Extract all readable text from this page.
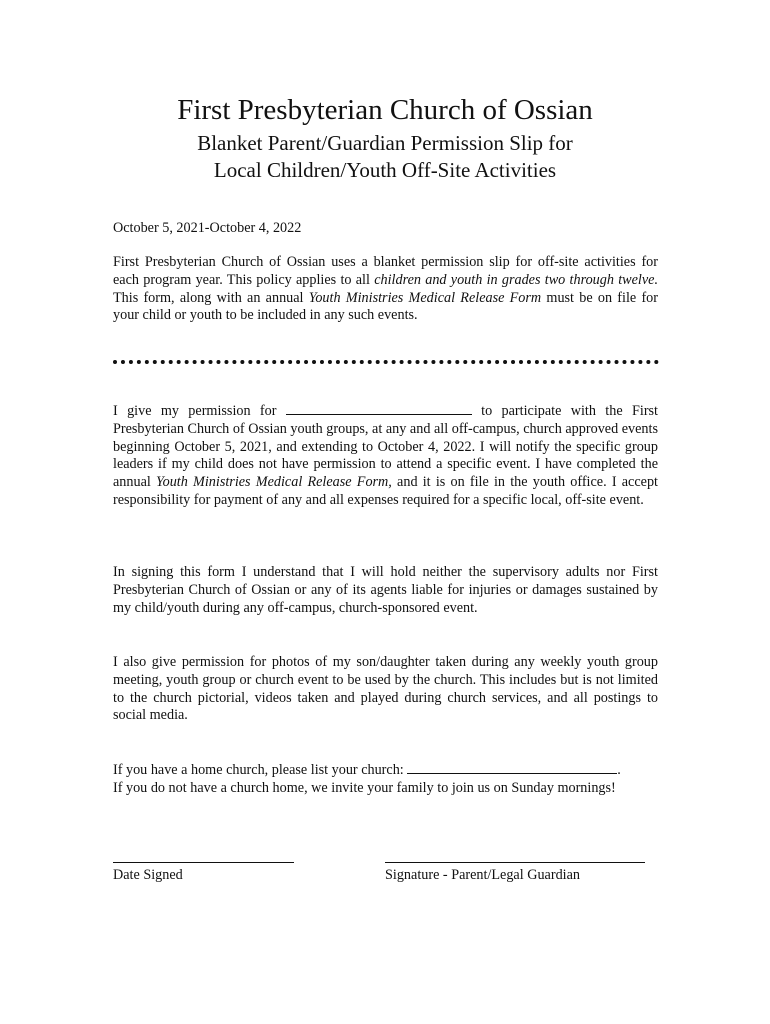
First Presbyterian Church of Ossian
Blanket Parent/Guardian Permission Slip for
Local Children/Youth Off-Site Activities
October 5, 2021-October 4, 2022
First Presbyterian Church of Ossian uses a blanket permission slip for off-site activities for each program year. This policy applies to all children and youth in grades two through twelve. This form, along with an annual Youth Ministries Medical Release Form must be on file for your child or youth to be included in any such events.
I give my permission for	to participate with the First Presbyterian Church of Ossian youth groups, at any and all off-campus, church approved events beginning October 5, 2021, and extending to October 4, 2022. I will notify the specific group leaders if my child does not have permission to attend a specific event. I have completed the annual Youth Ministries Medical Release Form, and it is on file in the youth office. I accept responsibility for payment of any and all expenses required for a specific local, off-site event.
In signing this form I understand that I will hold neither the supervisory adults nor First Presbyterian Church of Ossian or any of its agents liable for injuries or damages sustained by my child/youth during any off-campus, church-sponsored event.
I also give permission for photos of my son/daughter taken during any weekly youth group meeting, youth group or church event to be used by the church. This includes but is not limited to the church pictorial, videos taken and played during church services, and all postings to social media.
If you have a home church, please list your church:	.
If you do not have a church home, we invite your family to join us on Sunday mornings!
Date Signed	Signature - Parent/Legal Guardian
